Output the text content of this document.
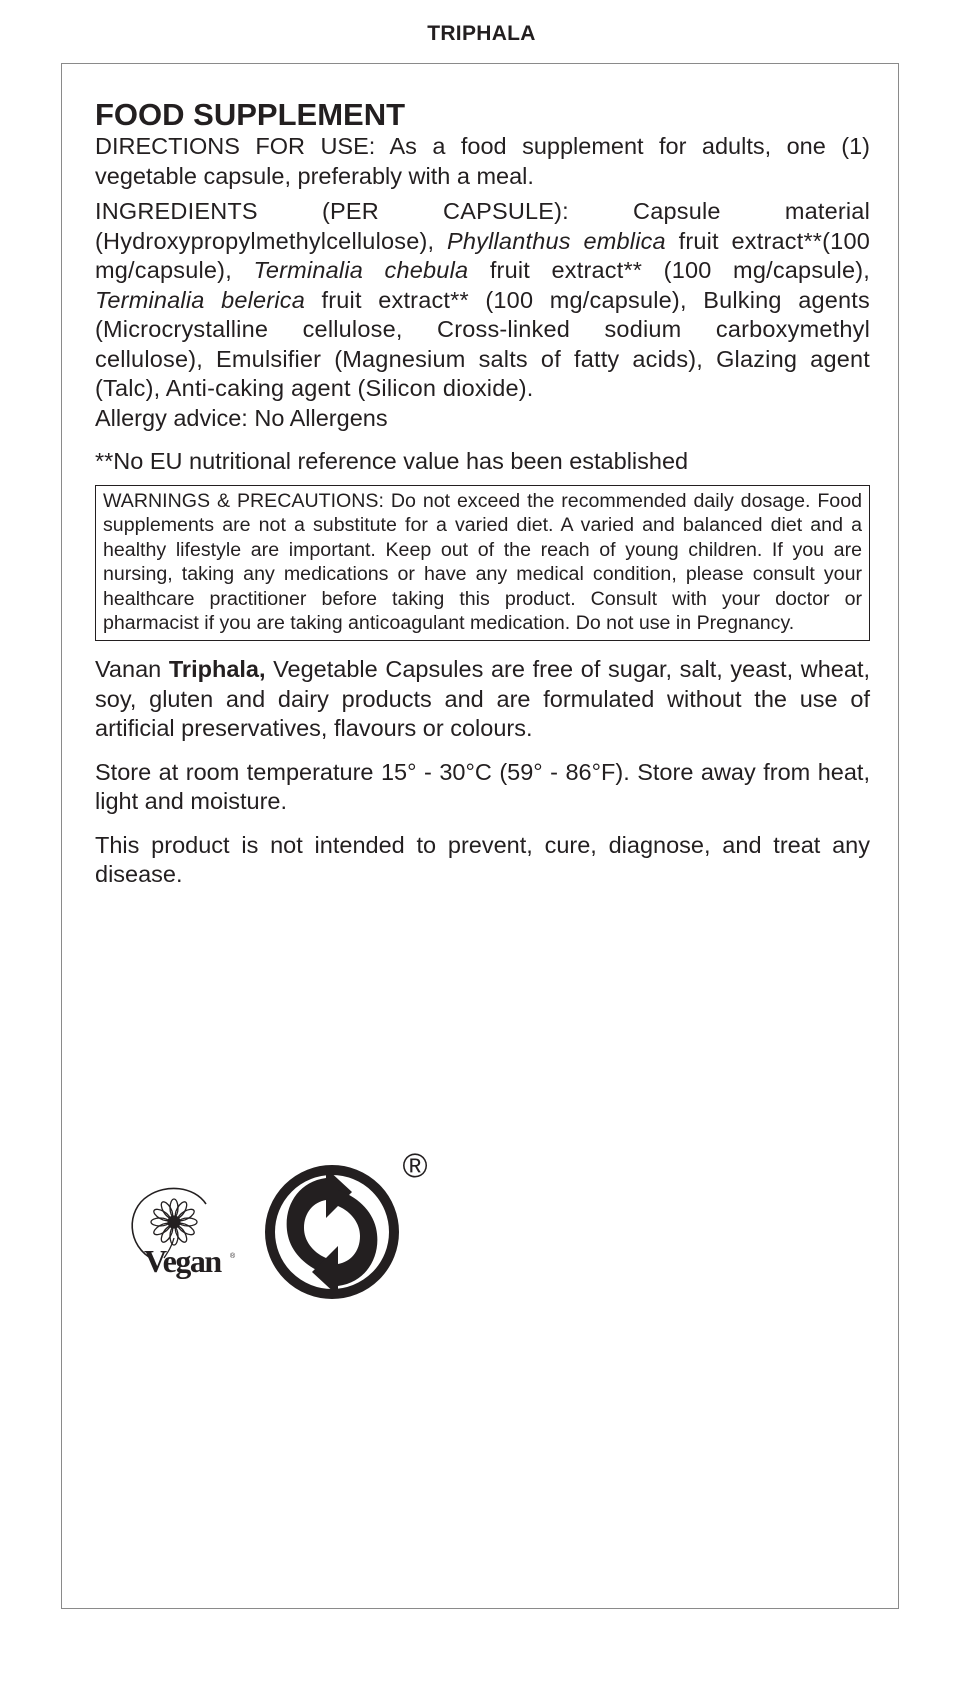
TRIPHALA
FOOD SUPPLEMENT

DIRECTIONS FOR USE: As a food supplement for adults, one (1) vegetable capsule, preferably with a meal.

INGREDIENTS (PER CAPSULE): Capsule material (Hydroxypropylmethylcellulose), Phyllanthus emblica fruit extract**(100 mg/capsule), Terminalia chebula fruit extract** (100 mg/capsule), Terminalia belerica fruit extract** (100 mg/capsule), Bulking agents (Microcrystalline cellulose, Cross-linked sodium carboxymethyl cellulose), Emulsifier (Magnesium salts of fatty acids), Glazing agent (Talc), Anti-caking agent (Silicon dioxide).

Allergy advice: No Allergens

**No EU nutritional reference value has been established

WARNINGS & PRECAUTIONS: Do not exceed the recommended daily dosage. Food supplements are not a substitute for a varied diet. A varied and balanced diet and a healthy lifestyle are important. Keep out of the reach of young children. If you are nursing, taking any medications or have any medical condition, please consult your healthcare practitioner before taking this product. Consult with your doctor or pharmacist if you are taking anticoagulant medication. Do not use in Pregnancy.

Vanan Triphala, Vegetable Capsules are free of sugar, salt, yeast, wheat, soy, gluten and dairy products and are formulated without the use of artificial preservatives, flavours or colours.

Store at room temperature 15° - 30°C (59° - 86°F). Store away from heat, light and moisture.

This product is not intended to prevent, cure, diagnose, and treat any disease.

Vegan ®
®
